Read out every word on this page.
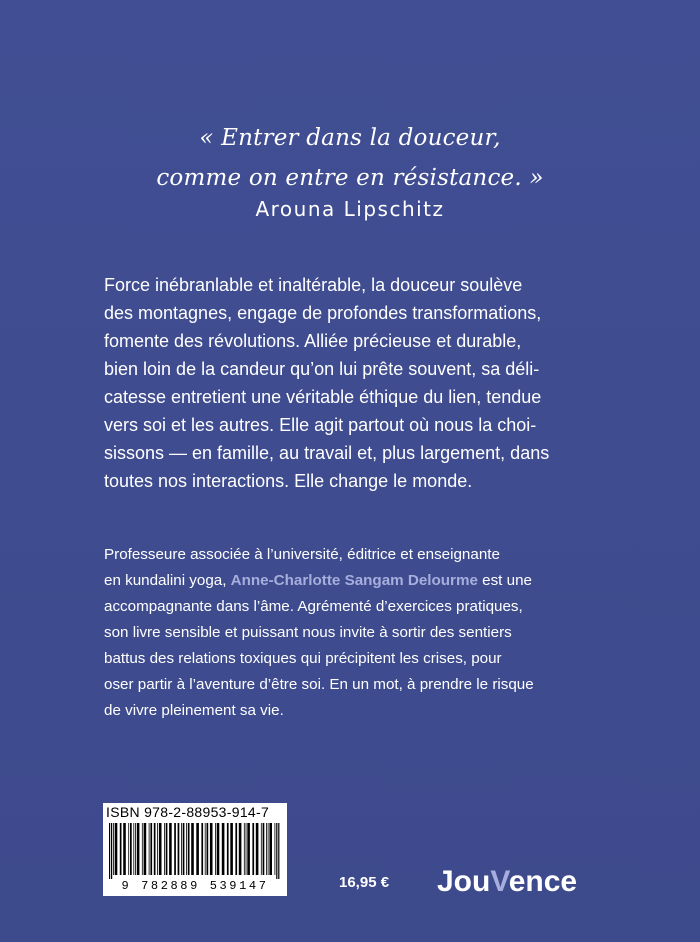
« Entrer dans la douceur,
comme on entre en résistance. »
Arouna Lipschitz
Force inébranlable et inaltérable, la douceur soulève
des montagnes, engage de profondes transformations,
fomente des révolutions. Alliée précieuse et durable,
bien loin de la candeur qu’on lui prête souvent, sa déli-
catesse entretient une véritable éthique du lien, tendue
vers soi et les autres. Elle agit partout où nous la choi-
sissons — en famille, au travail et, plus largement, dans
toutes nos interactions. Elle change le monde.
Professeure associée à l’université, éditrice et enseignante
en kundalini yoga, Anne-Charlotte Sangam Delourme est une
accompagnante dans l’âme. Agrémenté d’exercices pratiques,
son livre sensible et puissant nous invite à sortir des sentiers
battus des relations toxiques qui précipitent les crises, pour
oser partir à l’aventure d’être soi. En un mot, à prendre le risque
de vivre pleinement sa vie.
ISBN 978-2-88953-914-7
9 782889 539147	16,95 € JouVence
